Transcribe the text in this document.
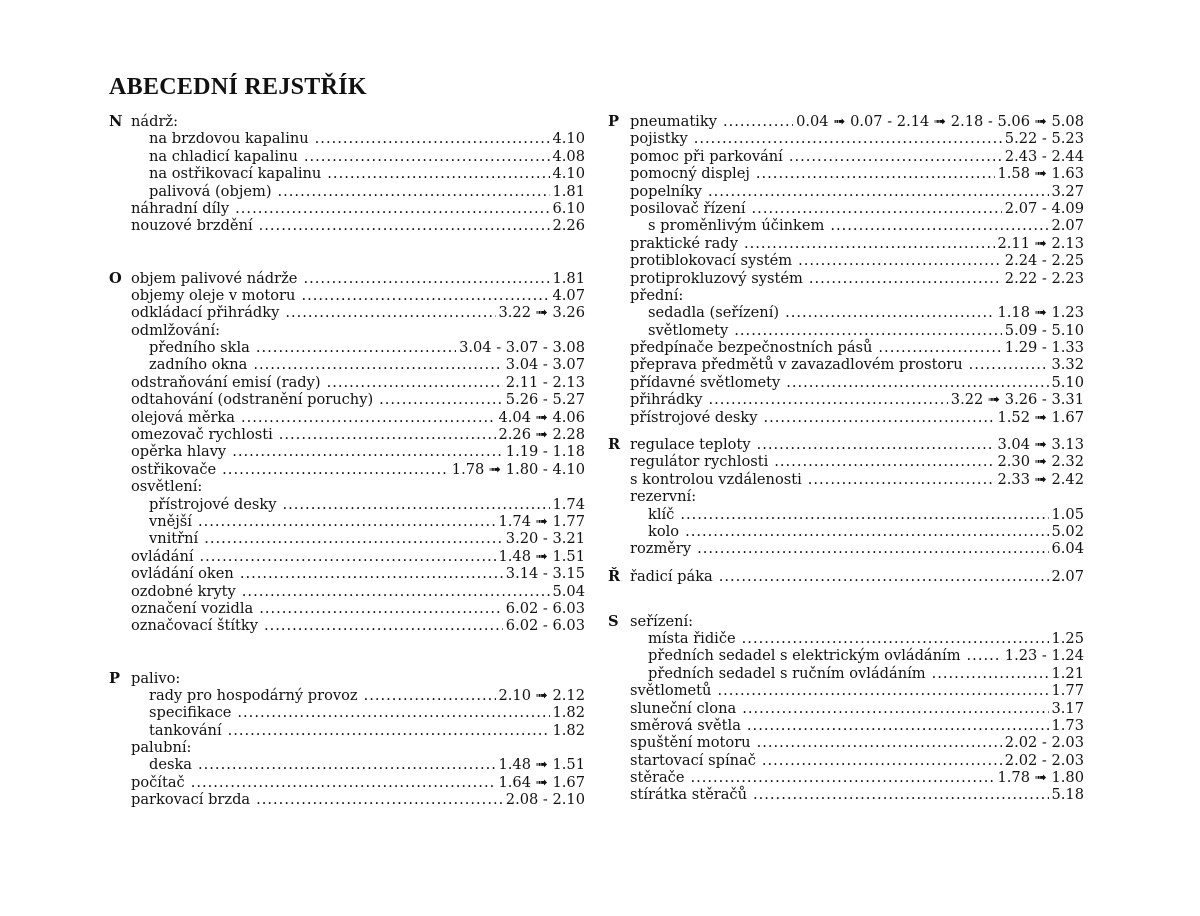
ABECEDNÍ REJSTŘÍK
N nádrž:
na brzdovou kapalinu .....	4.10
na chladicí kapalinu .....	4.08
na ostřikovací kapalinu .....	4.10
palivová (objem) .....	1.81
náhradní díly .....	6.10
nouzové brzdění .....	2.26
O objem palivové nádrže .....	1.81
objemy oleje v motoru .....	4.07
odkládací přihrádky .....	3.22 ➟ 3.26
odmlžování:
předního skla .....	3.04 - 3.07 - 3.08
zadního okna .....	3.04 - 3.07
odstraňování emisí (rady) .....	2.11 - 2.13
odtahování (odstranění poruchy) .....	5.26 - 5.27
olejová měrka .....	4.04 ➟ 4.06
omezovač rychlosti .....	2.26 ➟ 2.28
opěrka hlavy .....	1.19 - 1.18
ostřikovače .....	1.78 ➟ 1.80 - 4.10
osvětlení:
přístrojové desky .....	1.74
vnější .....	1.74 ➟ 1.77
vnitřní .....	3.20 - 3.21
ovládání .....	1.48 ➟ 1.51
ovládání oken .....	3.14 - 3.15
ozdobné kryty .....	5.04
označení vozidla .....	6.02 - 6.03
označovací štítky .....	6.02 - 6.03
P palivo:
rady pro hospodárný provoz .....	2.10 ➟ 2.12
specifikace .....	1.82
tankování .....	1.82
palubní:
deska .....	1.48 ➟ 1.51
počítač .....	1.64 ➟ 1.67
parkovací brzda .....	2.08 - 2.10
P pneumatiky .....	0.04 ➟ 0.07 - 2.14 ➟ 2.18 - 5.06 ➟ 5.08
pojistky .....	5.22 - 5.23
pomoc při parkování .....	2.43 - 2.44
pomocný displej .....	1.58 ➟ 1.63
popelníky .....	3.27
posilovač řízení .....	2.07 - 4.09
s proměnlivým účinkem .....	2.07
praktické rady .....	2.11 ➟ 2.13
protiblokovací systém .....	2.24 - 2.25
protiprokluzový systém .....	2.22 - 2.23
přední:
sedadla (seřízení) .....	1.18 ➟ 1.23
světlomety .....	5.09 - 5.10
předpínače bezpečnostních pásů .....	1.29 - 1.33
přeprava předmětů v zavazadlovém prostoru .....	3.32
přídavné světlomety .....	5.10
přihrádky .....	3.22 ➟ 3.26 - 3.31
přístrojové desky .....	1.52 ➟ 1.67
R regulace teploty .....	3.04 ➟ 3.13
regulátor rychlosti .....	2.30 ➟ 2.32
s kontrolou vzdálenosti .....	2.33 ➟ 2.42
rezervní:
klíč .....	1.05
kolo .....	5.02
rozměry .....	6.04
Ř řadicí páka .....	2.07
S seřízení:
místa řidiče .....	1.25
předních sedadel s elektrickým ovládáním .....	1.23 - 1.24
předních sedadel s ručním ovládáním .....	1.21
světlometů .....	1.77
sluneční clona .....	3.17
směrová světla .....	1.73
spuštění motoru .....	2.02 - 2.03
startovací spínač .....	2.02 - 2.03
stěrače .....	1.78 ➟ 1.80
stírátka stěračů .....	5.18
